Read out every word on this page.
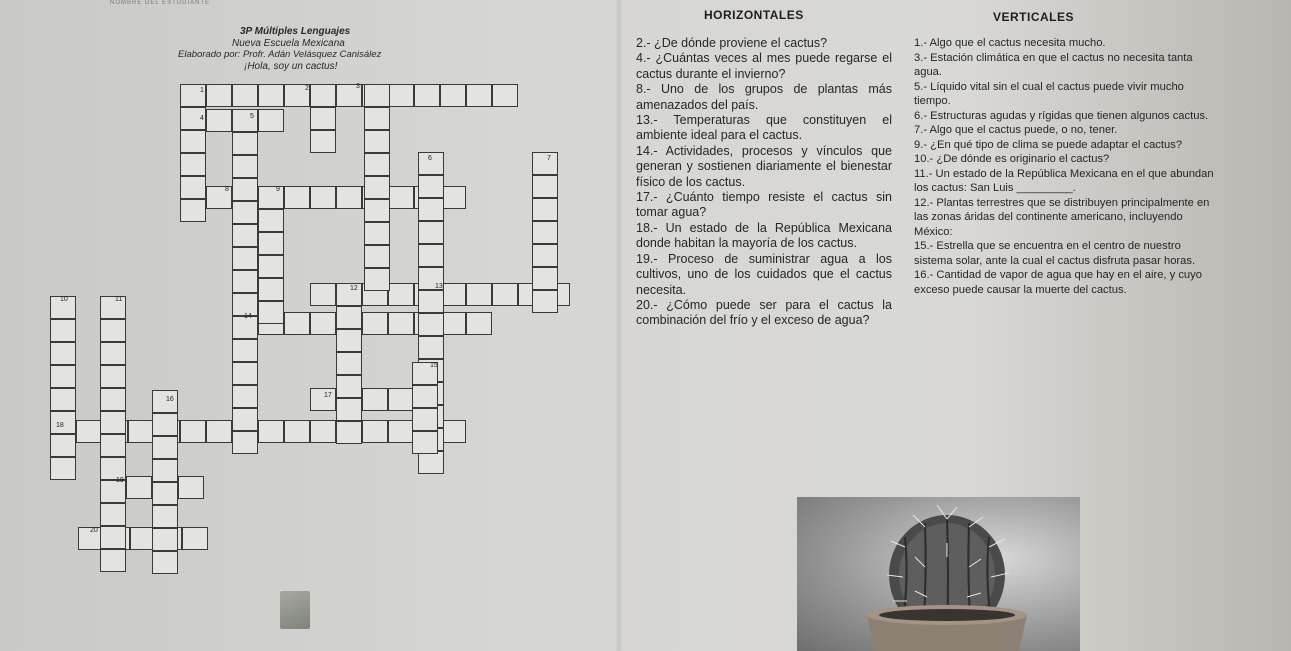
NOMBRE DEL ESTUDIANTE
3P Múltiples Lenguajes
Nueva Escuela Mexicana
Elaborado por: Profr. Adán Velásquez Canisález
¡Hola, soy un cactus!
1	2	3
4	5
6	7
8	9
10	11
12	13
14
15
16
17
18
19
20
HORIZONTALES	VERTICALES

2.- ¿De dónde proviene el cactus?

4.- ¿Cuántas veces al mes puede regarse el cactus durante el invierno?

8.- Uno de los grupos de plantas más amenazados del país.

13.- Temperaturas que constituyen el ambiente ideal para el cactus.

14.- Actividades, procesos y vínculos que generan y sostienen diariamente el bienestar físico de los cactus.

17.- ¿Cuánto tiempo resiste el cactus sin tomar agua?

18.- Un estado de la República Mexicana donde habitan la mayoría de los cactus.

19.- Proceso de suministrar agua a los cultivos, uno de los cuidados que el cactus necesita.

20.- ¿Cómo puede ser para el cactus la combinación del frío y el exceso de agua?

1.- Algo que el cactus necesita mucho.

3.- Estación climática en que el cactus no necesita tanta agua.

5.- Líquido vital sin el cual el cactus puede vivir mucho tiempo.

6.- Estructuras agudas y rígidas que tienen algunos cactus.

7.- Algo que el cactus puede, o no, tener.

9.- ¿En qué tipo de clima se puede adaptar el cactus?

10.- ¿De dónde es originario el cactus?

11.- Un estado de la República Mexicana en el que abundan los cactus: San Luis _________.

12.- Plantas terrestres que se distribuyen principalmente en las zonas áridas del continente americano, incluyendo México:

15.- Estrella que se encuentra en el centro de nuestro sistema solar, ante la cual el cactus disfruta pasar horas.

16.- Cantidad de vapor de agua que hay en el aire, y cuyo exceso puede causar la muerte del cactus.
